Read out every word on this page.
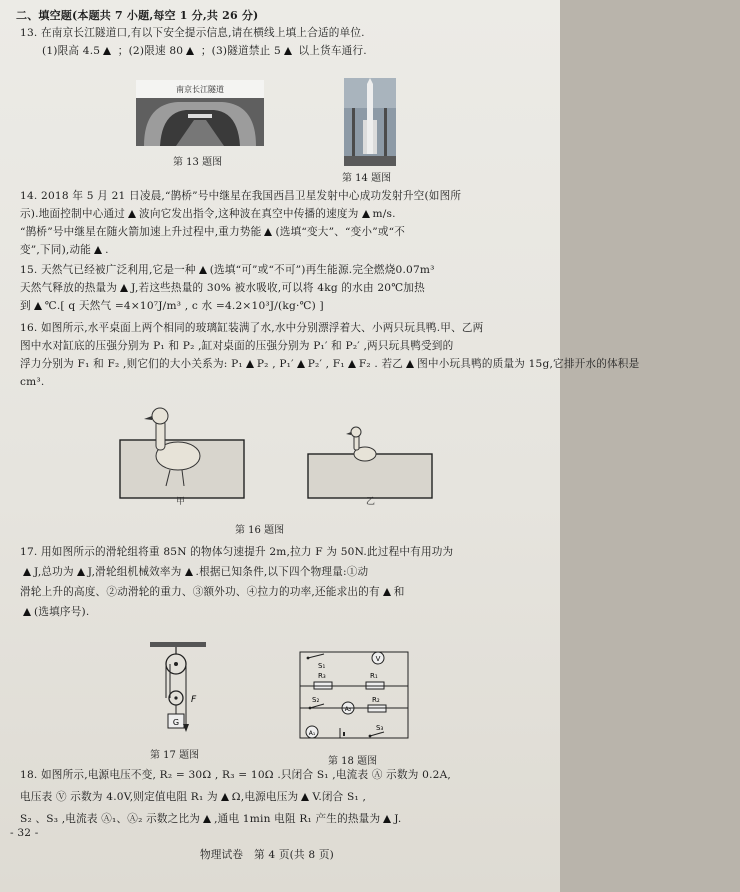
二、填空题(本题共 7 小题,每空 1 分,共 26 分)
13. 在南京长江隧道口,有以下安全提示信息,请在横线上填上合适的单位.
(1)限高 4.5 ；(2)限速 80 ；(3)隧道禁止 5 以上货车通行.
南京长江隧道
第 13 题图
第 14 题图
14. 2018 年 5 月 21 日凌晨,“鹊桥”号中继星在我国西昌卫星发射中心成功发射升空(如图所
示).地面控制中心通过 波向它发出指令,这种波在真空中传播的速度为 m/s.
“鹊桥”号中继星在随火箭加速上升过程中,重力势能 (选填“变大”、“变小”或“不
变”,下同),动能 .
15. 天然气已经被广泛利用,它是一种 (选填“可”或“不可”)再生能源.完全燃烧0.07m³
天然气释放的热量为 J,若这些热量的 30% 被水吸收,可以将 4kg 的水由 20℃加热
到 ℃.[ q 天然气 =4×10⁷J/m³ , c 水 =4.2×10³J/(kg·℃) ]
16. 如图所示,水平桌面上两个相同的玻璃缸装满了水,水中分别漂浮着大、小两只玩具鸭.甲、乙两
图中水对缸底的压强分别为 P₁ 和 P₂ ,缸对桌面的压强分别为 P₁′ 和 P₂′ ,两只玩具鸭受到的
浮力分别为 F₁ 和 F₂ ,则它们的大小关系为: P₁ P₂ , P₁′ P₂′ , F₁ F₂ . 若乙 图中小玩具鸭的质量为 15g,它排开水的体积是
cm³.
甲	乙
第 16 题图
17. 用如图所示的滑轮组将重 85N 的物体匀速提升 2m,拉力 F 为 50N.此过程中有用功为
J,总功为 J,滑轮组机械效率为 .根据已知条件,以下四个物理量:①动
滑轮上升的高度、②动滑轮的重力、③额外功、④拉力的功率,还能求出的有 和
(选填序号).
G
F
第 17 题图
S₁
V
R₃	R₁
S₂
A₂
R₂
A₁
S₃
第 18 题图
18. 如图所示,电源电压不变, R₂ = 30Ω , R₃ = 10Ω .只闭合 S₁ ,电流表 Ⓐ 示数为 0.2A,
电压表 Ⓥ 示数为 4.0V,则定值电阻 R₁ 为 Ω,电源电压为 V.闭合 S₁ ,
S₂ 、S₃ ,电流表 Ⓐ₁、Ⓐ₂ 示数之比为 ,通电 1min 电阻 R₁ 产生的热量为 J.
- 32 -
物理试卷　第 4 页(共 8 页)
